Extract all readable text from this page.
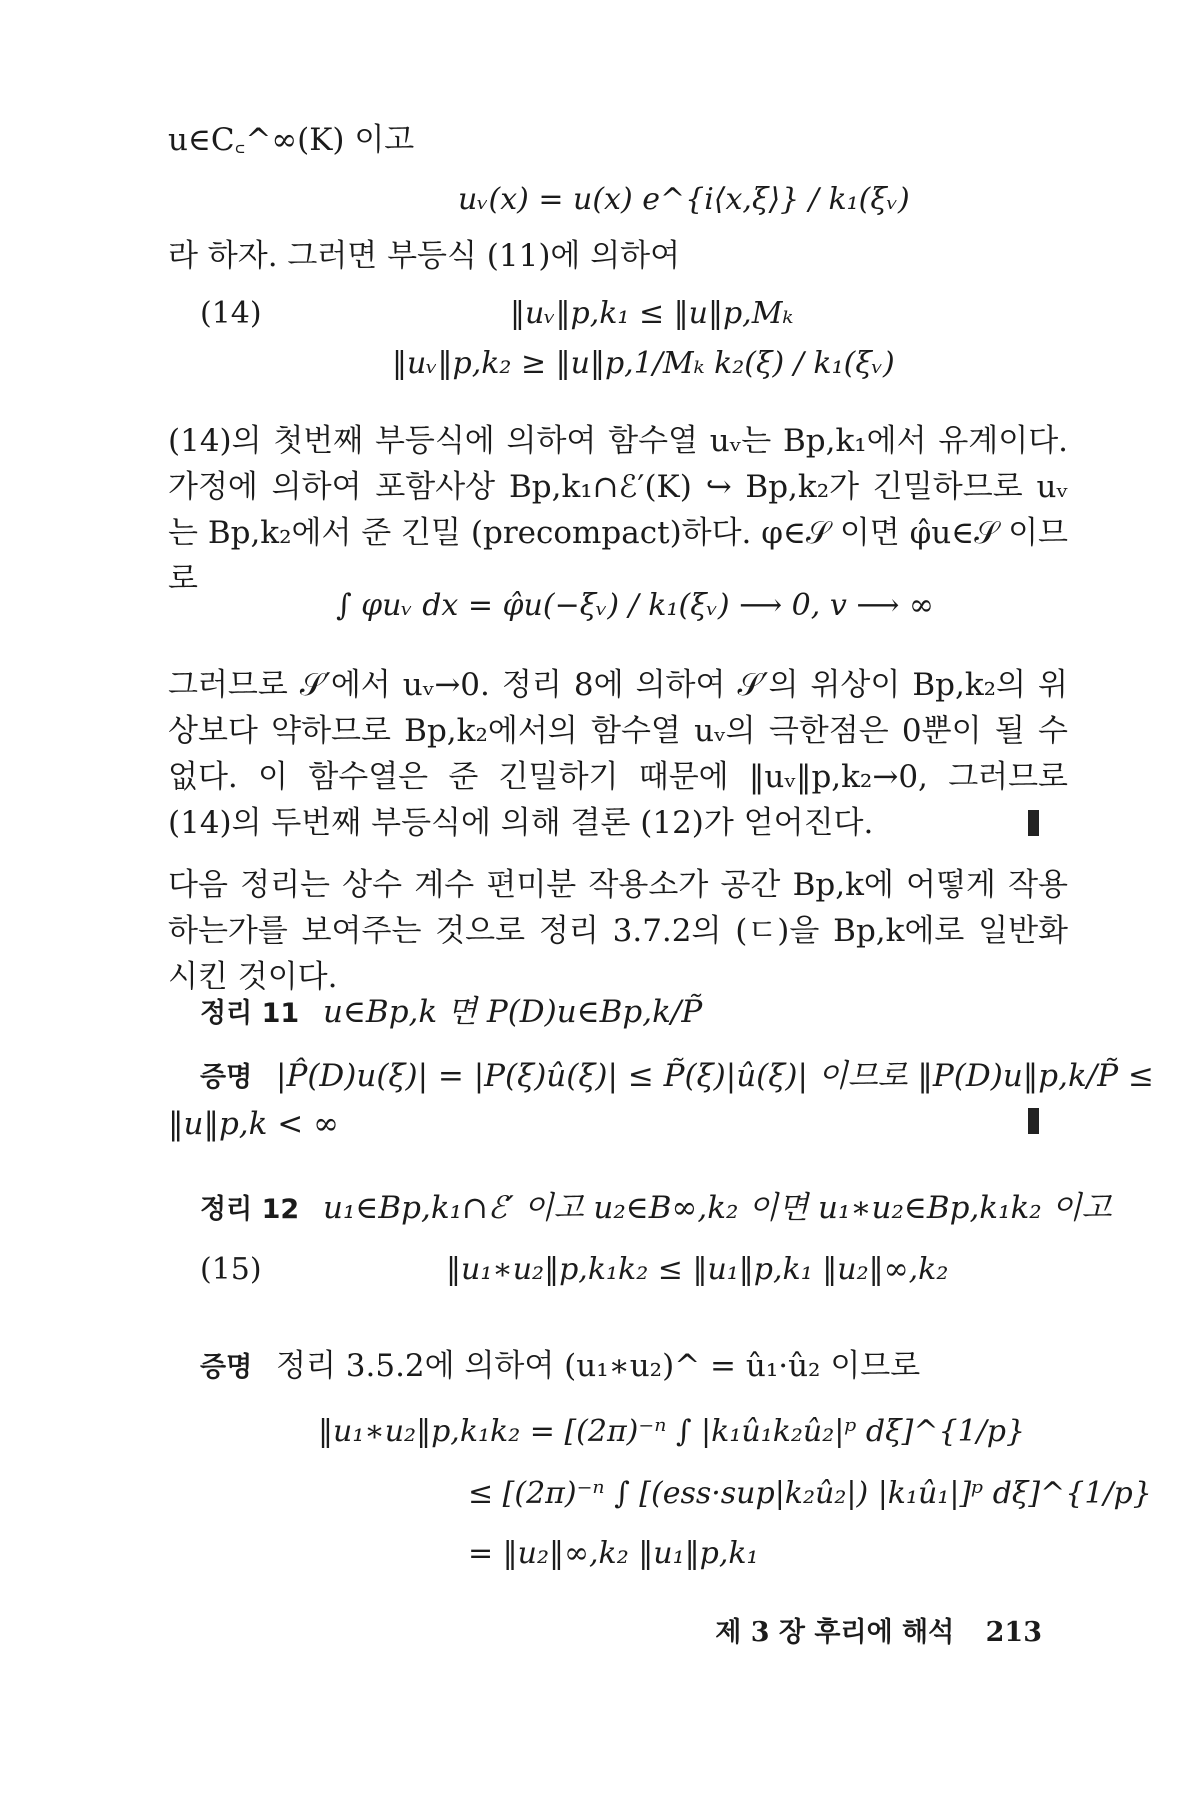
u∈C꜀^∞(K) 이고
uᵥ(x) = u(x) e^{i⟨x,ξ⟩} / k₁(ξᵥ)
라 하자. 그러면 부등식 (11)에 의하여
(14)	‖uᵥ‖p,k₁ ≤ ‖u‖p,Mₖ
‖uᵥ‖p,k₂ ≥ ‖u‖p,1/Mₖ k₂(ξ) / k₁(ξᵥ)
(14)의 첫번째 부등식에 의하여 함수열 uᵥ는 Bp,k₁에서 유계이다. 가정에 의하여 포함사상 Bp,k₁∩ℰ′(K) ↪ Bp,k₂가 긴밀하므로 uᵥ는 Bp,k₂에서 준 긴밀 (precompact)하다. φ∈𝒮 이면 φ̂u∈𝒮 이므로
∫ φuᵥ dx = φ̂u(−ξᵥ) / k₁(ξᵥ) ⟶ 0, v ⟶ ∞
그러므로 𝒮′에서 uᵥ→0. 정리 8에 의하여 𝒮′의 위상이 Bp,k₂의 위상보다 약하므로 Bp,k₂에서의 함수열 uᵥ의 극한점은 0뿐이 될 수 없다. 이 함수열은 준 긴밀하기 때문에 ‖uᵥ‖p,k₂→0, 그러므로 (14)의 두번째 부등식에 의해 결론 (12)가 얻어진다.
다음 정리는 상수 계수 편미분 작용소가 공간 Bp,k에 어떻게 작용하는가를 보여주는 것으로 정리 3.7.2의 (ㄷ)을 Bp,k에로 일반화시킨 것이다.
정리 11 u∈Bp,k 면 P(D)u∈Bp,k/P̃
증명 |P̂(D)u(ξ)| = |P(ξ)û(ξ)| ≤ P̃(ξ)|û(ξ)| 이므로 ‖P(D)u‖p,k/P̃ ≤
‖u‖p,k < ∞
정리 12 u₁∈Bp,k₁∩ℰ′ 이고 u₂∈B∞,k₂ 이면 u₁∗u₂∈Bp,k₁k₂ 이고
(15)	‖u₁∗u₂‖p,k₁k₂ ≤ ‖u₁‖p,k₁ ‖u₂‖∞,k₂
증명 정리 3.5.2에 의하여 (u₁∗u₂)^ = û₁·û₂ 이므로
‖u₁∗u₂‖p,k₁k₂ = [(2π)⁻ⁿ ∫ |k₁û₁k₂û₂|ᵖ dξ]^{1/p}
≤ [(2π)⁻ⁿ ∫ [(ess·sup|k₂û₂|) |k₁û₁|]ᵖ dξ]^{1/p}
= ‖u₂‖∞,k₂ ‖u₁‖p,k₁
제 3 장 후리에 해석 213
